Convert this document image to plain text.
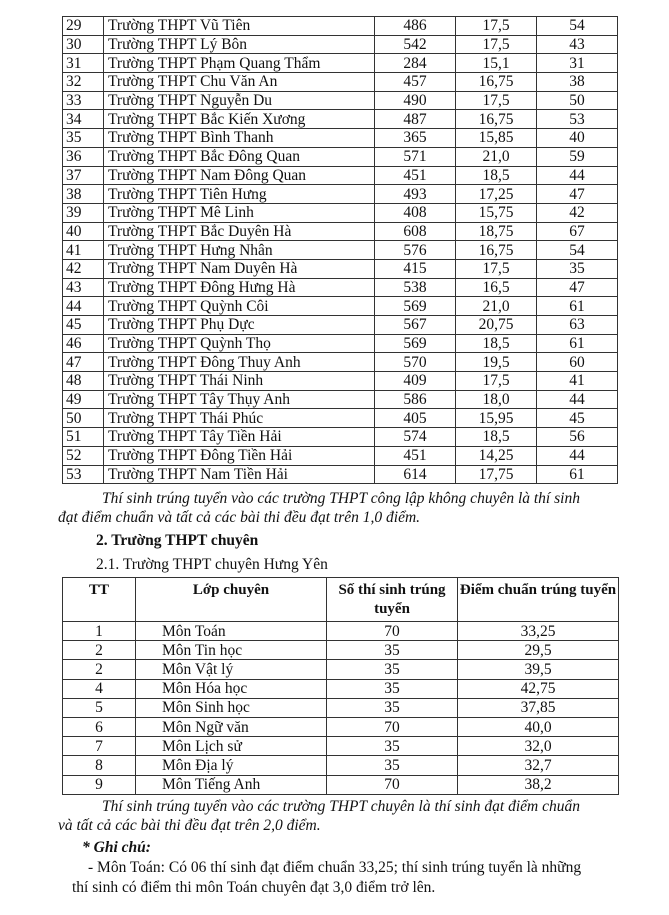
29	Trường THPT Vũ Tiên	486	17,5	54
30	Trường THPT Lý Bôn	542	17,5	43
31	Trường THPT Phạm Quang Thẩm	284	15,1	31
32	Trường THPT Chu Văn An	457	16,75	38
33	Trường THPT Nguyễn Du	490	17,5	50
34	Trường THPT Bắc Kiến Xương	487	16,75	53
35	Trường THPT Bình Thanh	365	15,85	40
36	Trường THPT Bắc Đông Quan	571	21,0	59
37	Trường THPT Nam Đông Quan	451	18,5	44
38	Trường THPT Tiên Hưng	493	17,25	47
39	Trường THPT Mê Linh	408	15,75	42
40	Trường THPT Bắc Duyên Hà	608	18,75	67
41	Trường THPT Hưng Nhân	576	16,75	54
42	Trường THPT Nam Duyên Hà	415	17,5	35
43	Trường THPT Đông Hưng Hà	538	16,5	47
44	Trường THPT Quỳnh Côi	569	21,0	61
45	Trường THPT Phụ Dực	567	20,75	63
46	Trường THPT Quỳnh Thọ	569	18,5	61
47	Trường THPT Đông Thuy Anh	570	19,5	60
48	Trường THPT Thái Ninh	409	17,5	41
49	Trường THPT Tây Thụy Anh	586	18,0	44
50	Trường THPT Thái Phúc	405	15,95	45
51	Trường THPT Tây Tiền Hải	574	18,5	56
52	Trường THPT Đông Tiền Hải	451	14,25	44
53	Trường THPT Nam Tiền Hải	614	17,75	61
Thí sinh trúng tuyển vào các trường THPT công lập không chuyên là thí sinh
đạt điểm chuẩn và tất cả các bài thi đều đạt trên 1,0 điểm.
2. Trường THPT chuyên
2.1. Trường THPT chuyên Hưng Yên
TT	Lớp chuyên	Số thí sinh trúng tuyển	Điểm chuẩn trúng tuyển
1	Môn Toán	70	33,25
2	Môn Tin học	35	29,5
2	Môn Vật lý	35	39,5
4	Môn Hóa học	35	42,75
5	Môn Sinh học	35	37,85
6	Môn Ngữ văn	70	40,0
7	Môn Lịch sử	35	32,0
8	Môn Địa lý	35	32,7
9	Môn Tiếng Anh	70	38,2
Thí sinh trúng tuyển vào các trường THPT chuyên là thí sinh đạt điểm chuẩn
và tất cả các bài thi đều đạt trên 2,0 điểm.
* Ghi chú:
- Môn Toán: Có 06 thí sinh đạt điểm chuẩn 33,25; thí sinh trúng tuyển là những
thí sinh có điểm thi môn Toán chuyên đạt 3,0 điểm trở lên.
